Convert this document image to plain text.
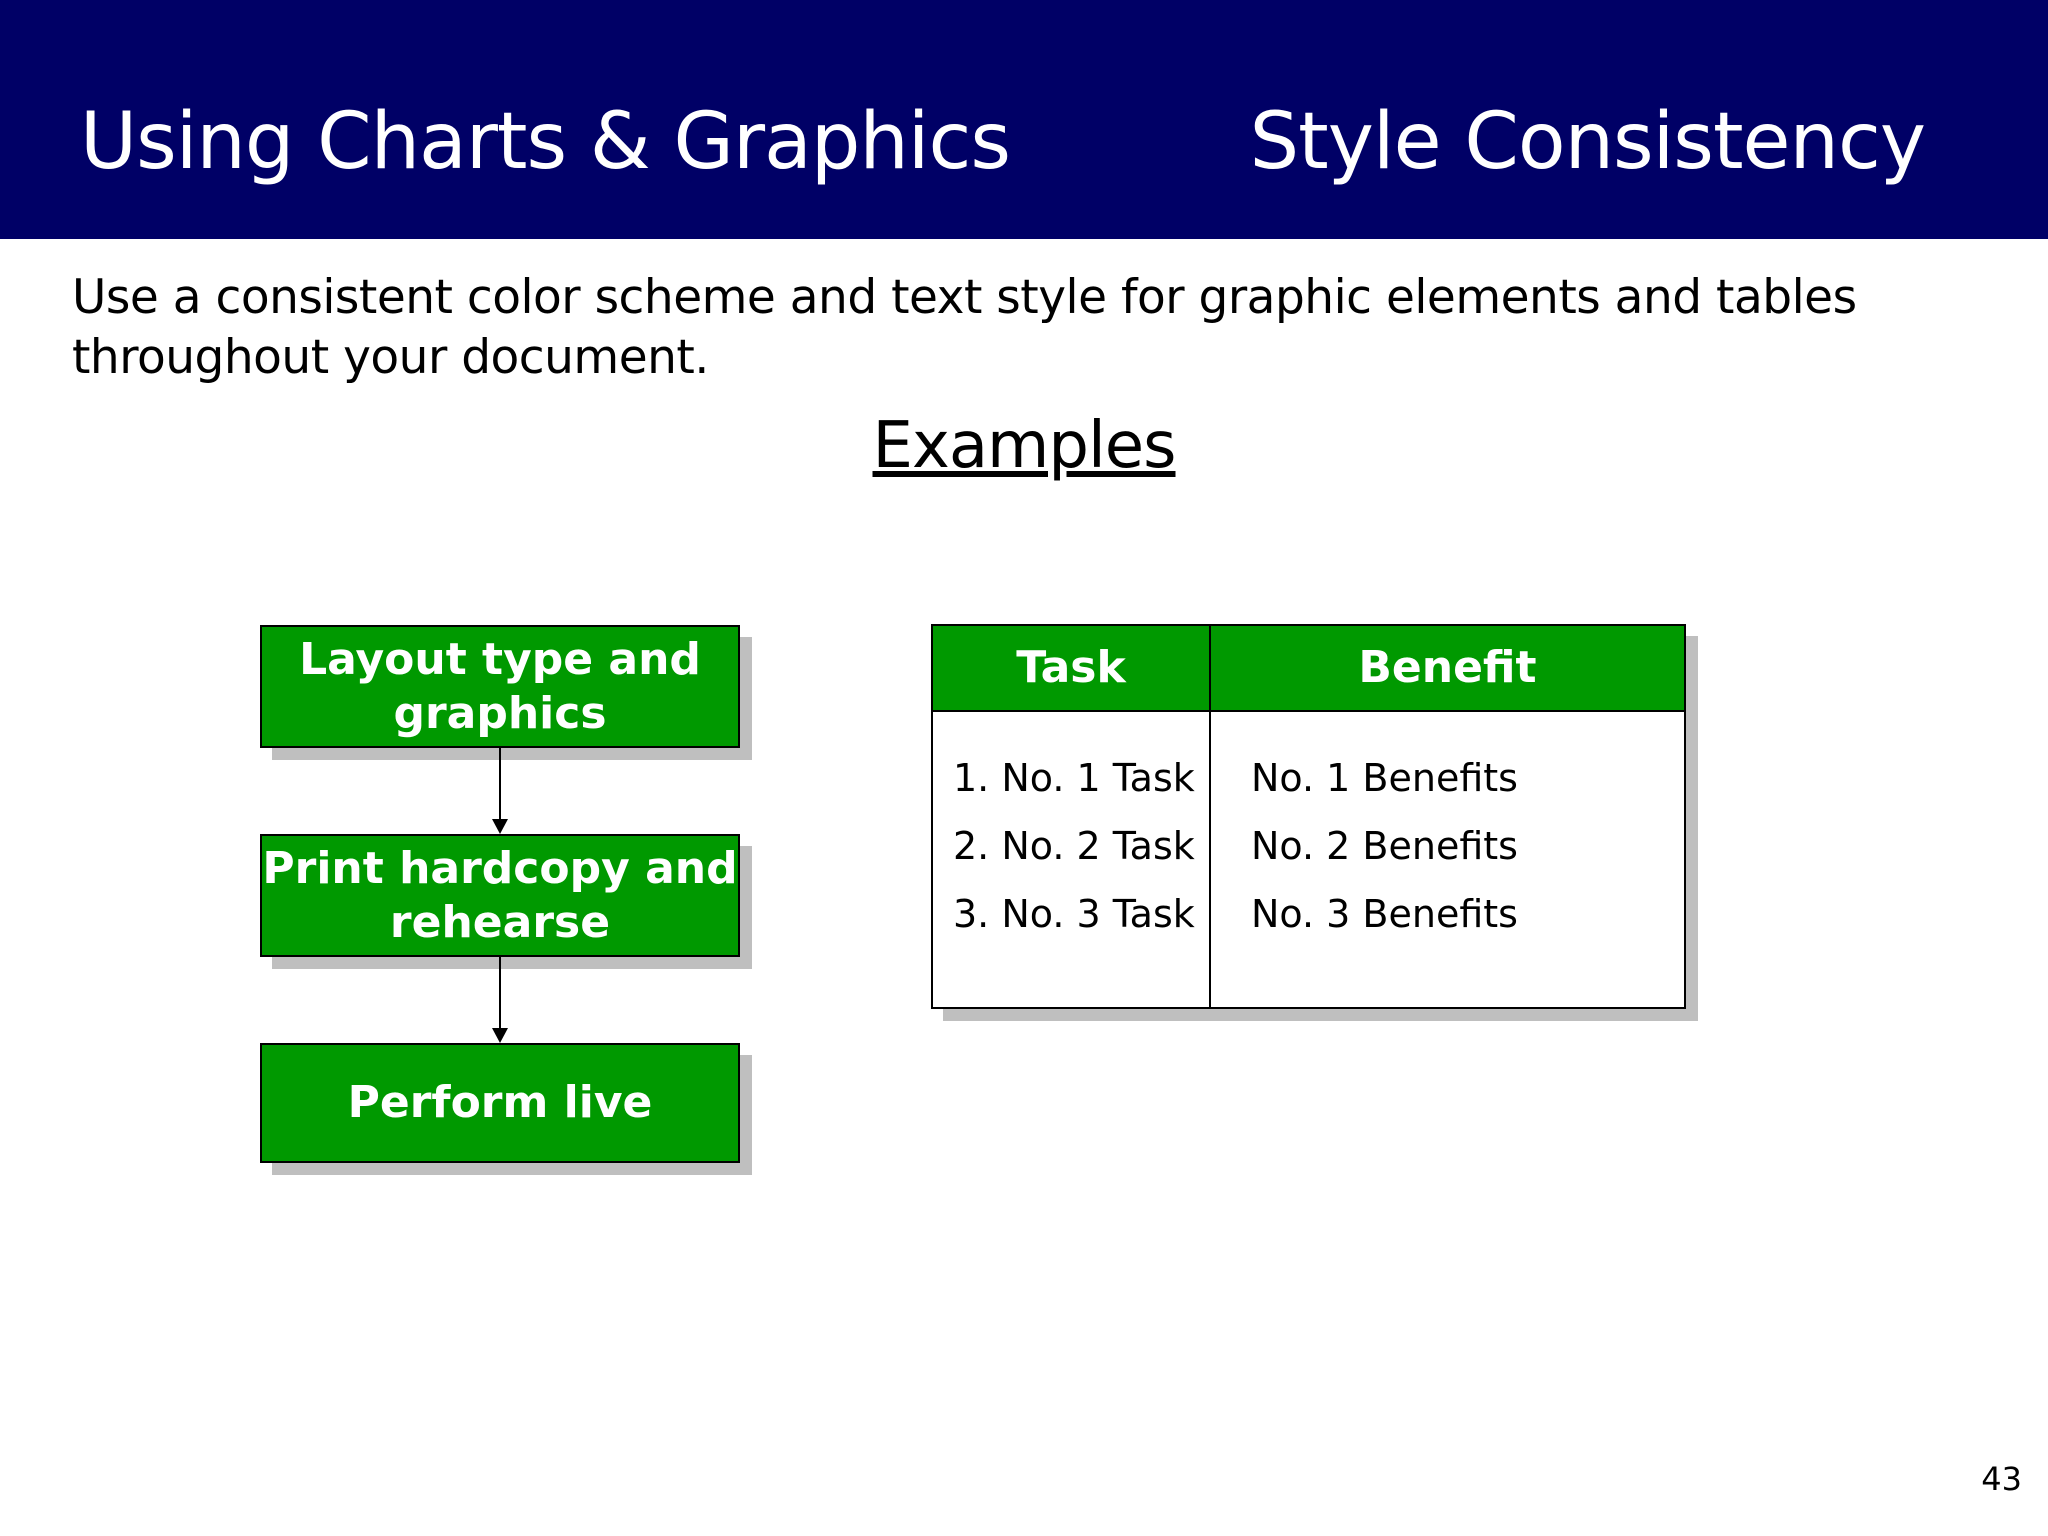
Using Charts & Graphics	Style Consistency
Use a consistent color scheme and text style for graphic elements and tables throughout your document.
Examples
Layout type and graphics
Print hardcopy and rehearse
Perform live
Task	Benefit
1. No. 1 Task
2. No. 2 Task
3. No. 3 Task
No. 1 Benefits
No. 2 Benefits
No. 3 Benefits
43
